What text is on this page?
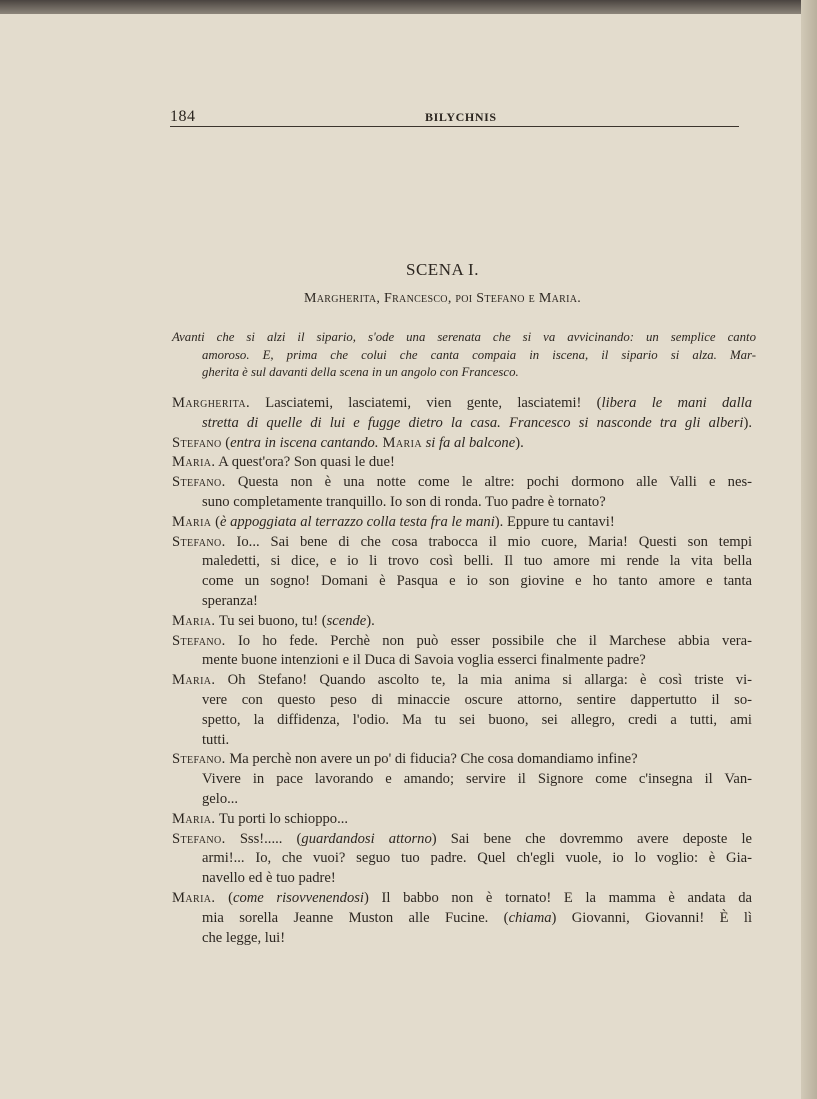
184	BILYCHNIS
SCENA I.
Margherita, Francesco, poi Stefano e Maria.
Avanti che si alzi il sipario, s'ode una serenata che si va avvicinando: un semplice canto
amoroso. E, prima che colui che canta compaia in iscena, il sipario si alza. Mar-
gherita è sul davanti della scena in un angolo con Francesco.
Margherita. Lasciatemi, lasciatemi, vien gente, lasciatemi! (libera le mani dalla
stretta di quelle di lui e fugge dietro la casa. Francesco si nasconde tra gli alberi).
Stefano (entra in iscena cantando. Maria si fa al balcone).
Maria. A quest'ora? Son quasi le due!
Stefano. Questa non è una notte come le altre: pochi dormono alle Valli e nes-
suno completamente tranquillo. Io son di ronda. Tuo padre è tornato?
Maria (è appoggiata al terrazzo colla testa fra le mani). Eppure tu cantavi!
Stefano. Io... Sai bene di che cosa trabocca il mio cuore, Maria! Questi son tempi
maledetti, si dice, e io li trovo così belli. Il tuo amore mi rende la vita bella
come un sogno! Domani è Pasqua e io son giovine e ho tanto amore e tanta
speranza!
Maria. Tu sei buono, tu! (scende).
Stefano. Io ho fede. Perchè non può esser possibile che il Marchese abbia vera-
mente buone intenzioni e il Duca di Savoia voglia esserci finalmente padre?
Maria. Oh Stefano! Quando ascolto te, la mia anima si allarga: è così triste vi-
vere con questo peso di minaccie oscure attorno, sentire dappertutto il so-
spetto, la diffidenza, l'odio. Ma tu sei buono, sei allegro, credi a tutti, ami
tutti.
Stefano. Ma perchè non avere un po' di fiducia? Che cosa domandiamo infine?
Vivere in pace lavorando e amando; servire il Signore come c'insegna il Van-
gelo...
Maria. Tu porti lo schioppo...
Stefano. Sss!..... (guardandosi attorno) Sai bene che dovremmo avere deposte le
armi!... Io, che vuoi? seguo tuo padre. Quel ch'egli vuole, io lo voglio: è Gia-
navello ed è tuo padre!
Maria. (come risovvenendosi) Il babbo non è tornato! E la mamma è andata da
mia sorella Jeanne Muston alle Fucine. (chiama) Giovanni, Giovanni! È lì
che legge, lui!
